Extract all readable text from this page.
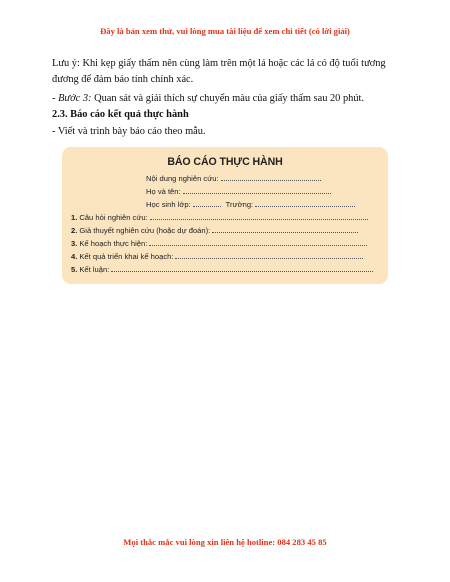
Đây là bản xem thử, vui lòng mua tài liệu để xem chi tiết (có lời giải)

Lưu ý: Khi kẹp giấy thấm nên cùng làm trên một lá hoặc các lá có độ tuổi tương đương để đảm bảo tính chính xác.

- Bước 3: Quan sát và giải thích sự chuyển màu của giấy thấm sau 20 phút.

2.3. Báo cáo kết quả thực hành

- Viết và trình bày báo cáo theo mẫu.

BÁO CÁO THỰC HÀNH
Nội dung nghiên cứu:
Họ và tên:
Học sinh lớp:	Trường:
1. Câu hỏi nghiên cứu:
2. Giả thuyết nghiên cứu (hoặc dự đoán):
3. Kế hoạch thực hiện:
4. Kết quả triển khai kế hoạch:
5. Kết luận:
Mọi thắc mắc vui lòng xin liên hệ hotline: 084 283 45 85
